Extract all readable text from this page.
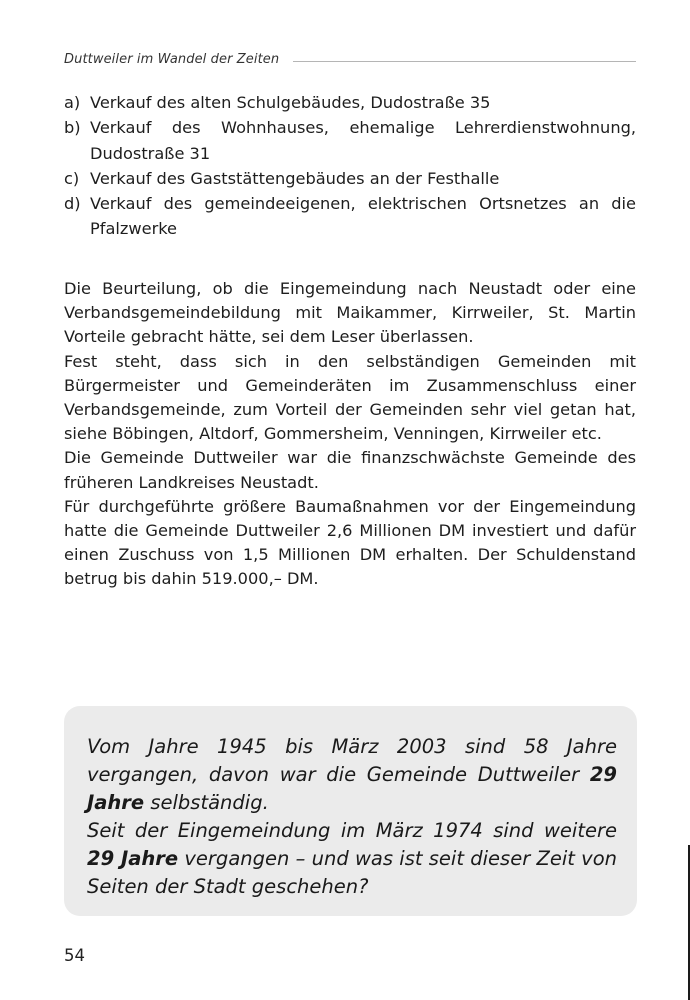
Duttweiler im Wandel der Zeiten
a) Verkauf des alten Schulgebäudes, Dudostraße 35
b) Verkauf des Wohnhauses, ehemalige Lehrerdienstwohnung, Dudostraße 31
c) Verkauf des Gaststättengebäudes an der Festhalle
d) Verkauf des gemeindeeigenen, elektrischen Ortsnetzes an die Pfalzwerke

Die Beurteilung, ob die Eingemeindung nach Neustadt oder eine Verbandsgemeindebildung mit Maikammer, Kirrweiler, St. Martin Vorteile gebracht hätte, sei dem Leser überlassen.

Fest steht, dass sich in den selbständigen Gemeinden mit Bürgermeister und Gemeinderäten im Zusammenschluss einer Verbandsgemeinde, zum Vorteil der Gemeinden sehr viel getan hat, siehe Böbingen, Altdorf, Gommersheim, Venningen, Kirrweiler etc.

Die Gemeinde Duttweiler war die finanzschwächste Gemeinde des früheren Landkreises Neustadt.

Für durchgeführte größere Baumaßnahmen vor der Eingemeindung hatte die Gemeinde Duttweiler 2,6 Millionen DM investiert und dafür einen Zuschuss von 1,5 Millionen DM erhalten. Der Schuldenstand betrug bis dahin 519.000,– DM.

Vom Jahre 1945 bis März 2003 sind 58 Jahre vergangen, davon war die Gemeinde Duttweiler 29 Jahre selbständig.

Seit der Eingemeindung im März 1974 sind weitere 29 Jahre vergangen – und was ist seit dieser Zeit von Seiten der Stadt geschehen?

54
